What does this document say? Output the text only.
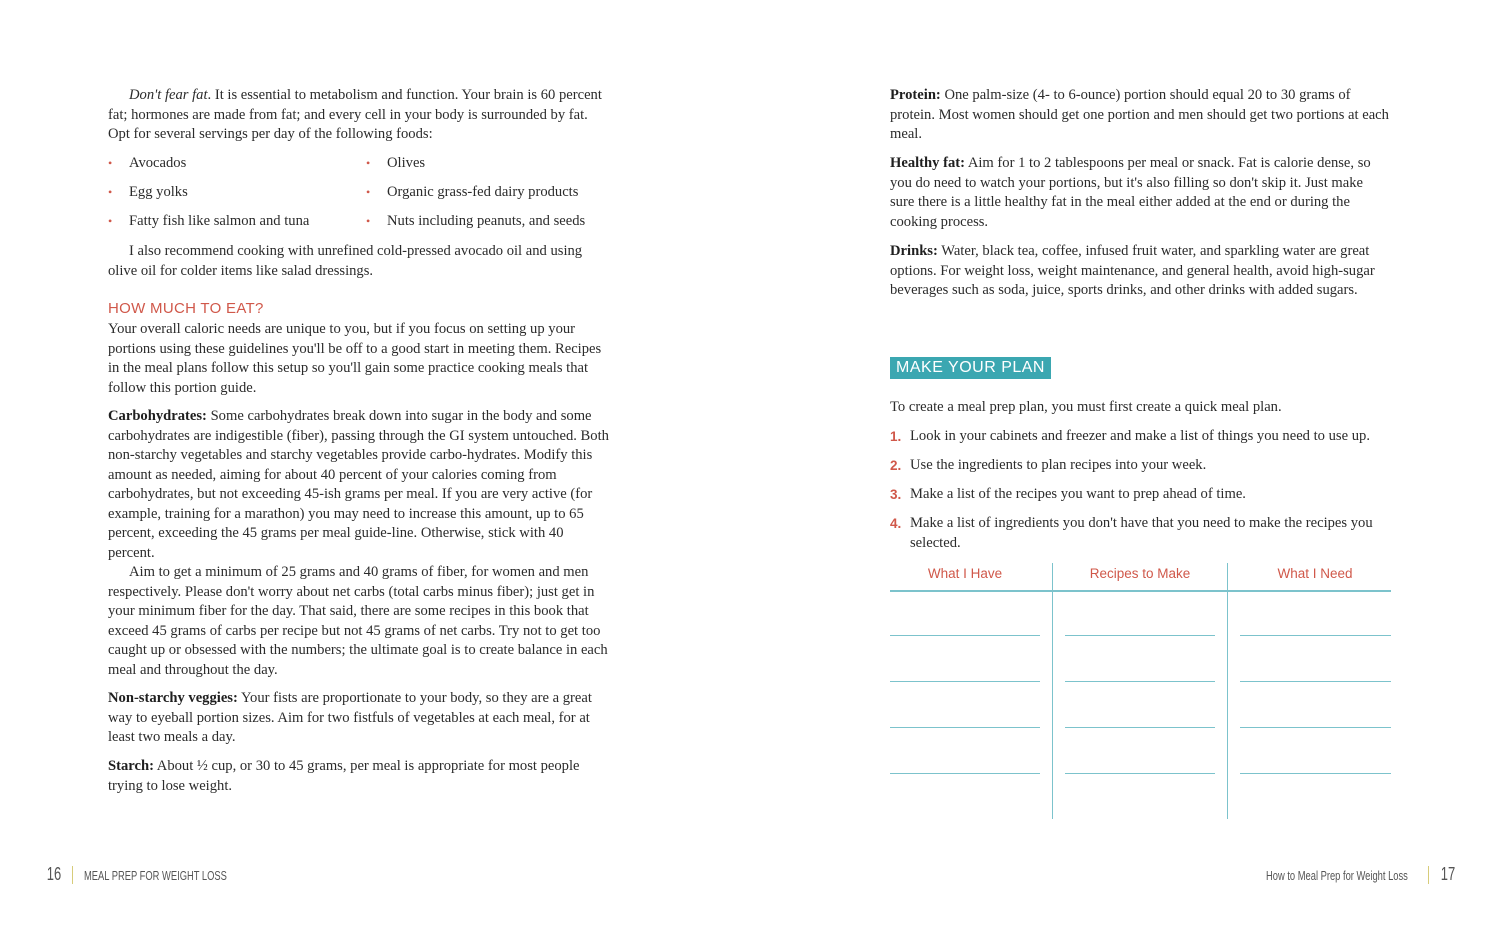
Don't fear fat. It is essential to metabolism and function. Your brain is 60 percent fat; hormones are made from fat; and every cell in your body is surrounded by fat. Opt for several servings per day of the following foods:
• Avocados	• Olives
• Egg yolks	• Organic grass-fed dairy products
• Fatty fish like salmon and tuna	• Nuts including peanuts, and seeds
I also recommend cooking with unrefined cold-pressed avocado oil and using olive oil for colder items like salad dressings.
HOW MUCH TO EAT?
Your overall caloric needs are unique to you, but if you focus on setting up your portions using these guidelines you'll be off to a good start in meeting them. Recipes in the meal plans follow this setup so you'll gain some practice cooking meals that follow this portion guide.
Carbohydrates: Some carbohydrates break down into sugar in the body and some carbohydrates are indigestible (fiber), passing through the GI system untouched. Both non-starchy vegetables and starchy vegetables provide carbo-hydrates. Modify this amount as needed, aiming for about 40 percent of your calories coming from carbohydrates, but not exceeding 45-ish grams per meal. If you are very active (for example, training for a marathon) you may need to increase this amount, up to 65 percent, exceeding the 45 grams per meal guide-line. Otherwise, stick with 40 percent.
Aim to get a minimum of 25 grams and 40 grams of fiber, for women and men respectively. Please don't worry about net carbs (total carbs minus fiber); just get in your minimum fiber for the day. That said, there are some recipes in this book that exceed 45 grams of carbs per recipe but not 45 grams of net carbs. Try not to get too caught up or obsessed with the numbers; the ultimate goal is to create balance in each meal and throughout the day.
Non-starchy veggies: Your fists are proportionate to your body, so they are a great way to eyeball portion sizes. Aim for two fistfuls of vegetables at each meal, for at least two meals a day.
Starch: About ½ cup, or 30 to 45 grams, per meal is appropriate for most people trying to lose weight.
16 MEAL PREP FOR WEIGHT LOSS
Protein: One palm-size (4- to 6-ounce) portion should equal 20 to 30 grams of protein. Most women should get one portion and men should get two portions at each meal.
Healthy fat: Aim for 1 to 2 tablespoons per meal or snack. Fat is calorie dense, so you do need to watch your portions, but it's also filling so don't skip it. Just make sure there is a little healthy fat in the meal either added at the end or during the cooking process.
Drinks: Water, black tea, coffee, infused fruit water, and sparkling water are great options. For weight loss, weight maintenance, and general health, avoid high-sugar beverages such as soda, juice, sports drinks, and other drinks with added sugars.
MAKE YOUR PLAN
To create a meal prep plan, you must first create a quick meal plan.
1. Look in your cabinets and freezer and make a list of things you need to use up.
2. Use the ingredients to plan recipes into your week.
3. Make a list of the recipes you want to prep ahead of time.
4. Make a list of ingredients you don't have that you need to make the recipes you selected.
What I Have	Recipes to Make	What I Need
How to Meal Prep for Weight Loss	17
